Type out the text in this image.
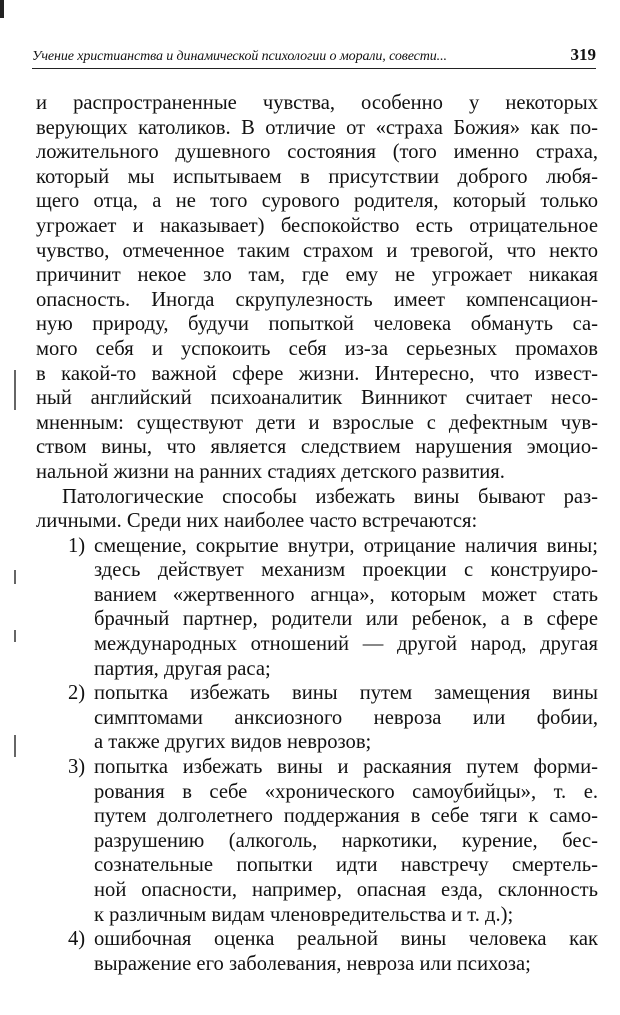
Учение христианства и динамической психологии о морали, совести...	319
и распространенные чувства, особенно у некоторых
верующих католиков. В отличие от «страха Божия» как по-
ложительного душевного состояния (того именно страха,
который мы испытываем в присутствии доброго любя-
щего отца, а не того сурового родителя, который только
угрожает и наказывает) беспокойство есть отрицательное
чувство, отмеченное таким страхом и тревогой, что некто
причинит некое зло там, где ему не угрожает никакая
опасность. Иногда скрупулезность имеет компенсацион-
ную природу, будучи попыткой человека обмануть са-
мого себя и успокоить себя из-за серьезных промахов
в какой-то важной сфере жизни. Интересно, что извест-
ный английский психоаналитик Винникот считает несо-
мненным: существуют дети и взрослые с дефектным чув-
ством вины, что является следствием нарушения эмоцио-
нальной жизни на ранних стадиях детского развития.
Патологические способы избежать вины бывают раз-
личными. Среди них наиболее часто встречаются:
1) смещение, сокрытие внутри, отрицание наличия вины;
здесь действует механизм проекции с конструиро-
ванием «жертвенного агнца», которым может стать
брачный партнер, родители или ребенок, а в сфере
международных отношений — другой народ, другая
партия, другая раса;
2) попытка избежать вины путем замещения вины
симптомами анксиозного невроза или фобии,
а также других видов неврозов;
3) попытка избежать вины и раскаяния путем форми-
рования в себе «хронического самоубийцы», т. е.
путем долголетнего поддержания в себе тяги к само-
разрушению (алкоголь, наркотики, курение, бес-
сознательные попытки идти навстречу смертель-
ной опасности, например, опасная езда, склонность
к различным видам членовредительства и т. д.);
4) ошибочная оценка реальной вины человека как
выражение его заболевания, невроза или психоза;
